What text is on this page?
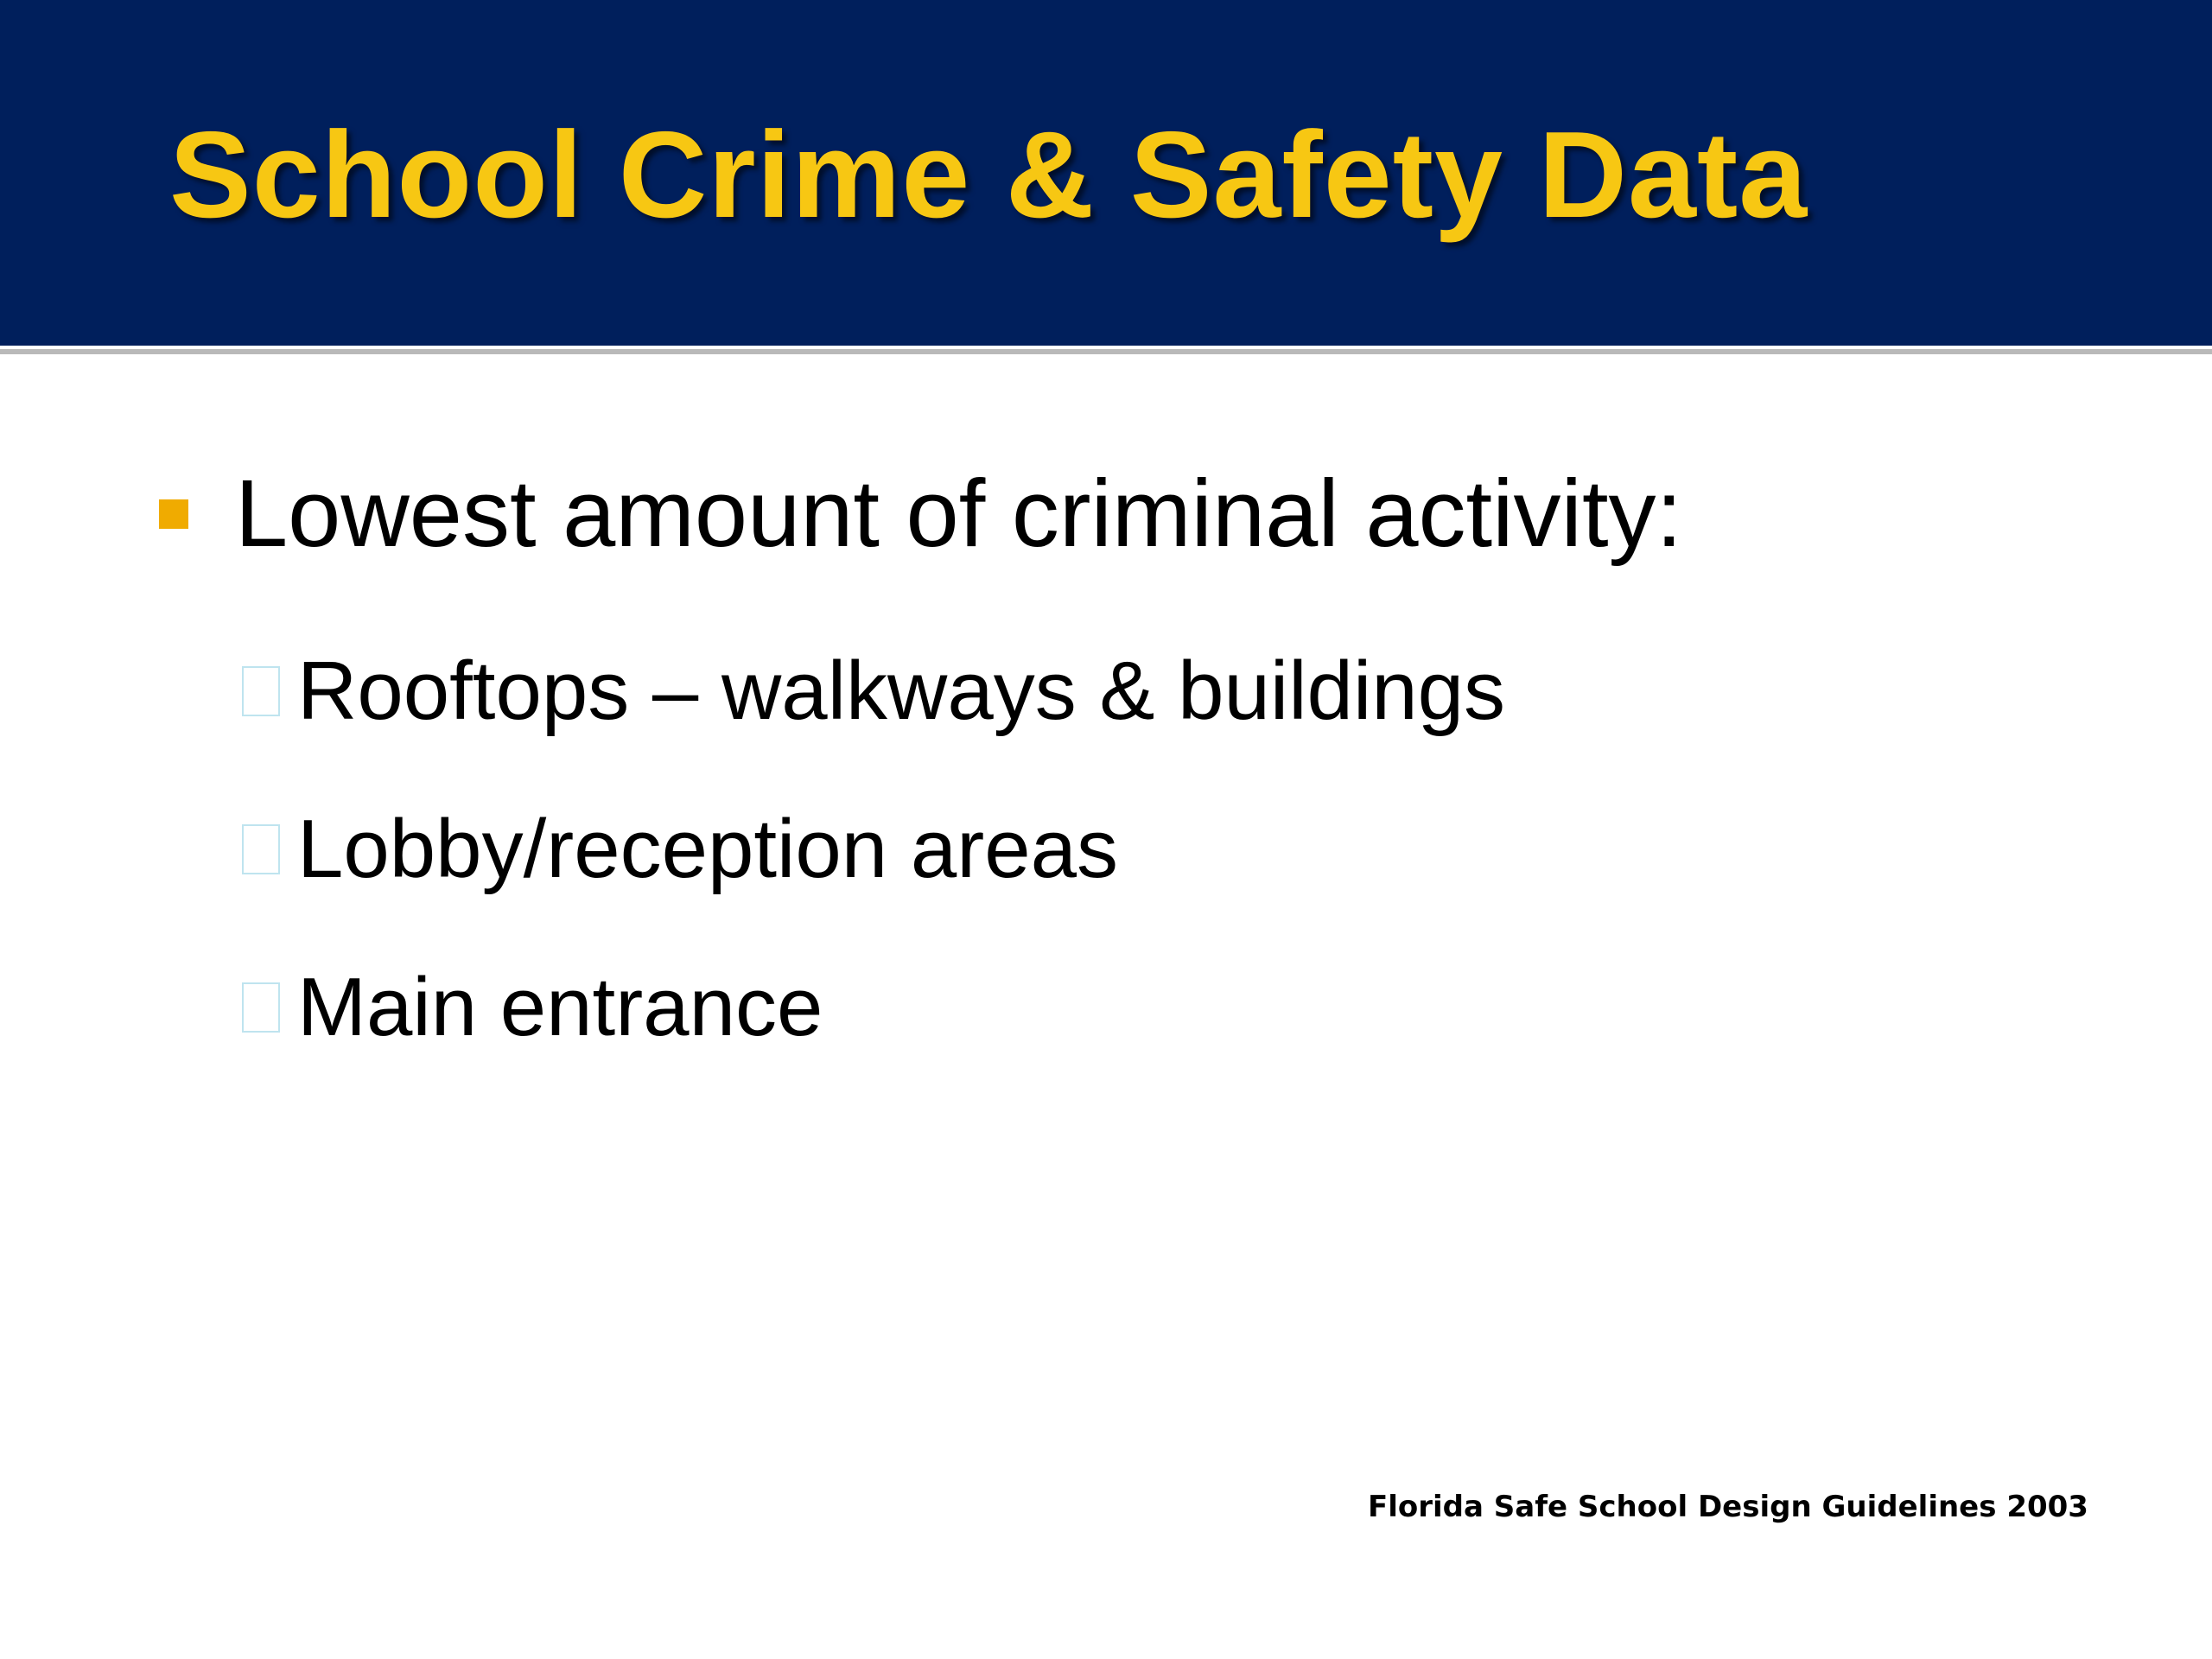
School Crime & Safety Data
Lowest amount of criminal activity:
Rooftops – walkways & buildings
Lobby/reception areas
Main entrance
Florida Safe School Design Guidelines 2003
